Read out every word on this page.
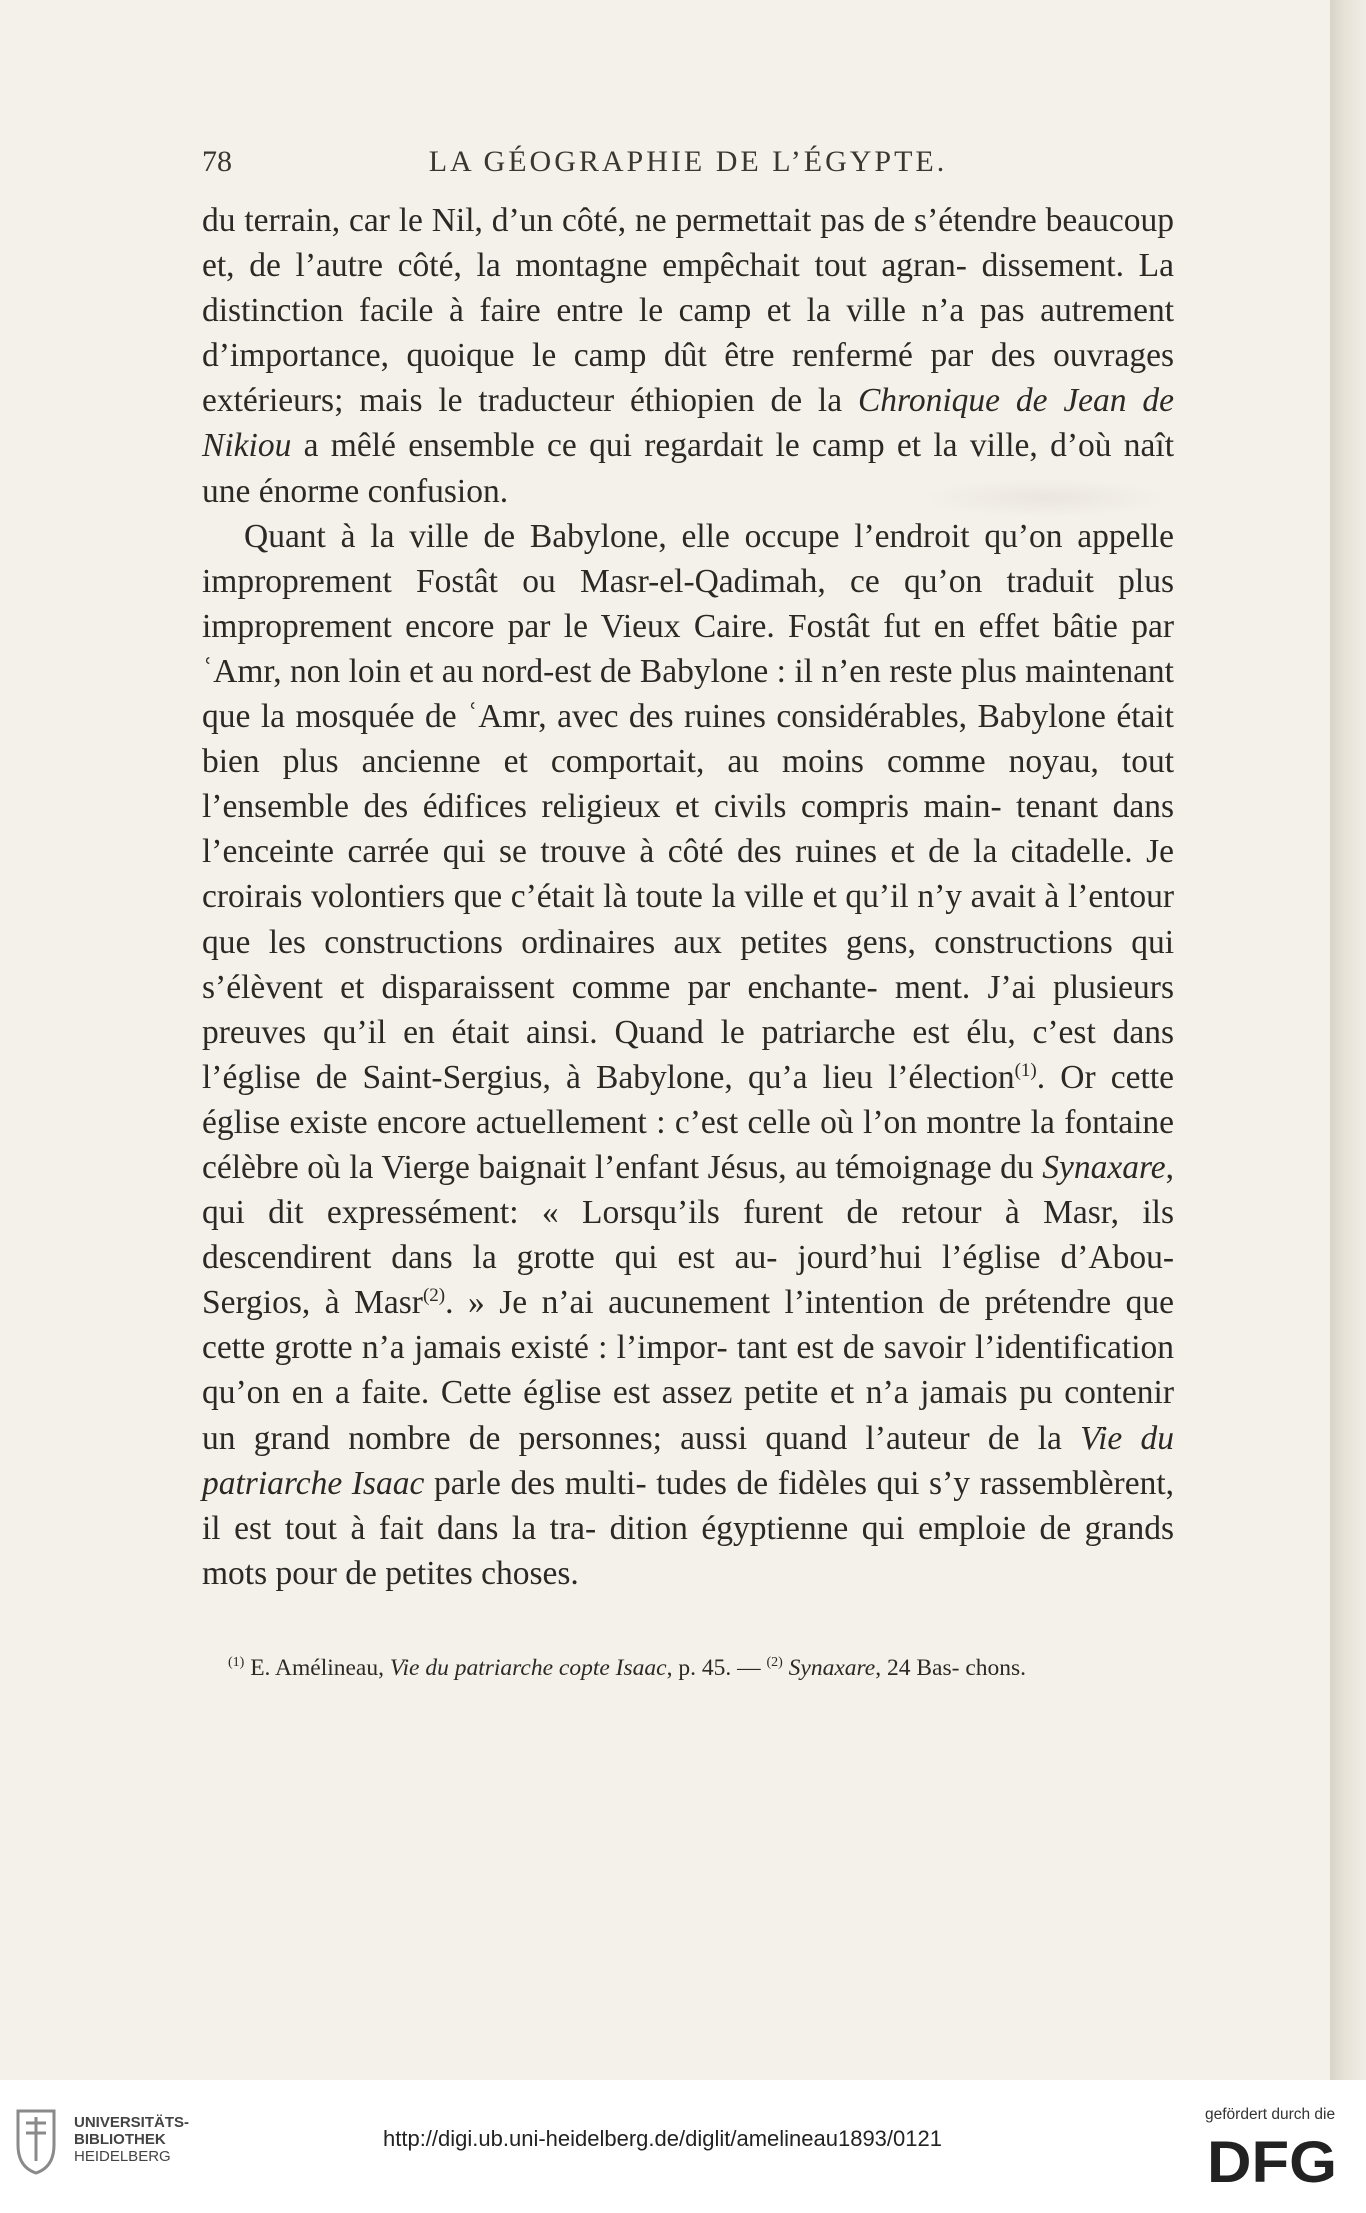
78	LA GÉOGRAPHIE DE L’ÉGYPTE.

du terrain, car le Nil, d’un côté, ne permettait pas de s’étendre beaucoup et, de l’autre côté, la montagne empêchait tout agran- dissement. La distinction facile à faire entre le camp et la ville n’a pas autrement d’importance, quoique le camp dût être renfermé par des ouvrages extérieurs; mais le traducteur éthiopien de la Chronique de Jean de Nikiou a mêlé ensemble ce qui regardait le camp et la ville, d’où naît une énorme confusion.

Quant à la ville de Babylone, elle occupe l’endroit qu’on appelle improprement Fostât ou Masr-el-Qadimah, ce qu’on traduit plus improprement encore par le Vieux Caire. Fostât fut en effet bâtie par ʿAmr, non loin et au nord-est de Babylone : il n’en reste plus maintenant que la mosquée de ʿAmr, avec des ruines considérables, Babylone était bien plus ancienne et comportait, au moins comme noyau, tout l’ensemble des édifices religieux et civils compris main- tenant dans l’enceinte carrée qui se trouve à côté des ruines et de la citadelle. Je croirais volontiers que c’était là toute la ville et qu’il n’y avait à l’entour que les constructions ordinaires aux petites gens, constructions qui s’élèvent et disparaissent comme par enchante- ment. J’ai plusieurs preuves qu’il en était ainsi. Quand le patriarche est élu, c’est dans l’église de Saint-Sergius, à Babylone, qu’a lieu l’élection$^{(1)}$. Or cette église existe encore actuellement : c’est celle où l’on montre la fontaine célèbre où la Vierge baignait l’enfant Jésus, au témoignage du Synaxare, qui dit expressément: « Lorsqu’ils furent de retour à Masr, ils descendirent dans la grotte qui est au- jourd’hui l’église d’Abou-Sergios, à Masr$^{(2)}$. » Je n’ai aucunement l’intention de prétendre que cette grotte n’a jamais existé : l’impor- tant est de savoir l’identification qu’on en a faite. Cette église est assez petite et n’a jamais pu contenir un grand nombre de personnes; aussi quand l’auteur de la Vie du patriarche Isaac parle des multi- tudes de fidèles qui s’y rassemblèrent, il est tout à fait dans la tra- dition égyptienne qui emploie de grands mots pour de petites choses.

$^{(1)}$ E. Amélineau, Vie du patriarche copte Isaac, p. 45. — $^{(2)}$ Synaxare, 24 Bas- chons.

UNIVERSITÄTS-
BIBLIOTHEK
HEIDELBERG
http://digi.ub.uni-heidelberg.de/diglit/amelineau1893/0121
gefördert durch die
DFG
